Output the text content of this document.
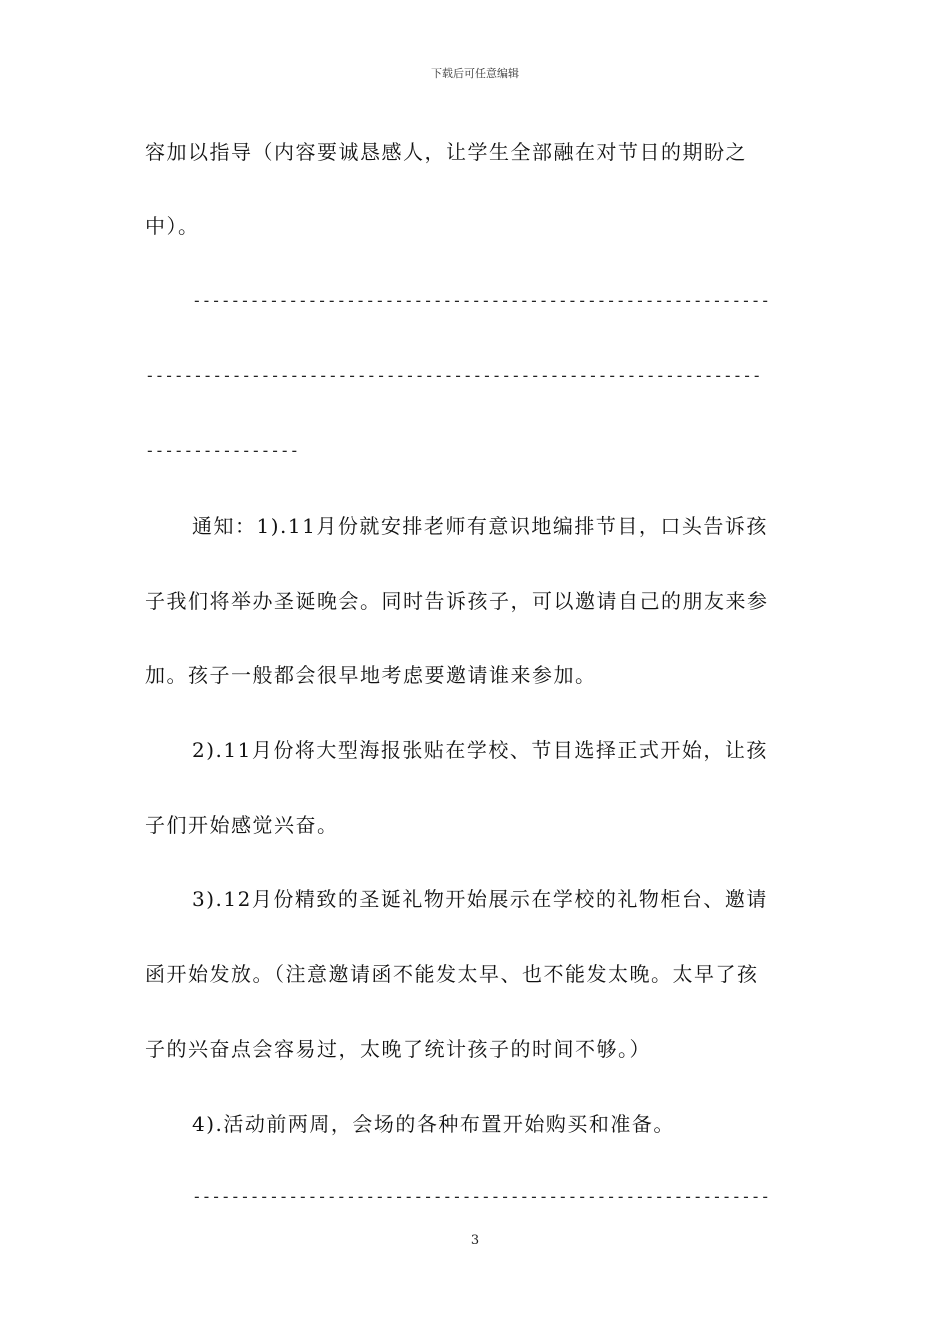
下载后可任意编辑
容加以指导（内容要诚恳感人，让学生全部融在对节日的期盼之
中）。
------------------------------------------------------------
----------------------------------------------------------------
----------------
通知：1).11月份就安排老师有意识地编排节目，口头告诉孩
子我们将举办圣诞晚会。同时告诉孩子，可以邀请自己的朋友来参
加。孩子一般都会很早地考虑要邀请谁来参加。
2).11月份将大型海报张贴在学校、节目选择正式开始，让孩
子们开始感觉兴奋。
3).12月份精致的圣诞礼物开始展示在学校的礼物柜台、邀请
函开始发放。（注意邀请函不能发太早、也不能发太晚。太早了孩
子的兴奋点会容易过，太晚了统计孩子的时间不够。）
4).活动前两周，会场的各种布置开始购买和准备。
------------------------------------------------------------
3
